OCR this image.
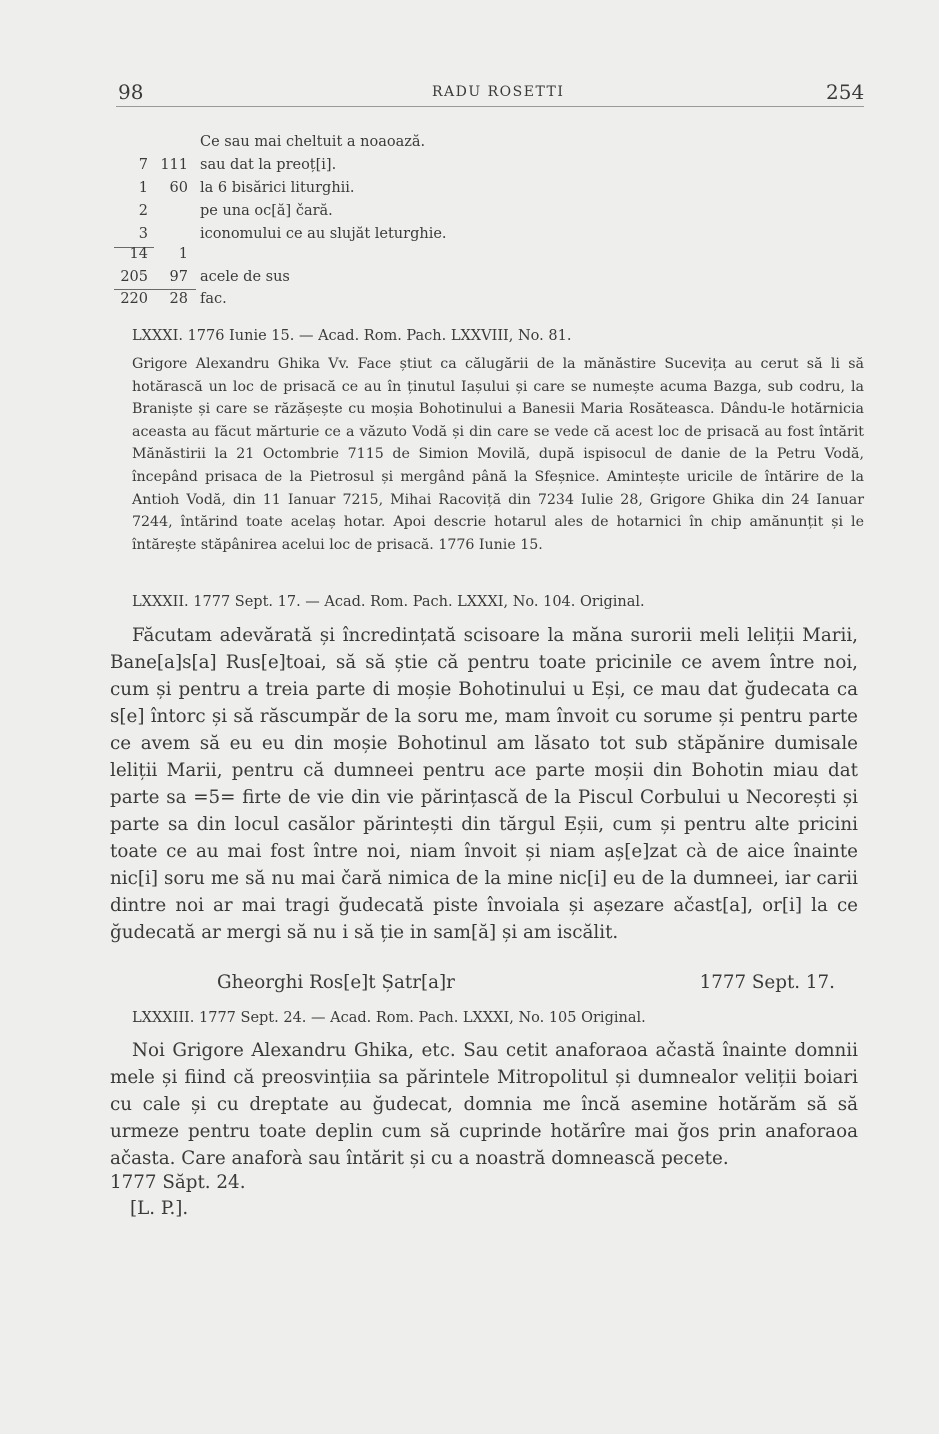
98	RADU ROSETTI	254
Ce sau mai cheltuit a noaoază.
7 111 sau dat la preoț[i].
1	60 la 6 bisărici liturghii.
2	pe una oc[ă] čară.
3	iconomului ce au slujăt leturghie.
14	1
205	97 acele de sus
220	28 fac.
LXXXI. 1776 Iunie 15. — Acad. Rom. Pach. LXXVIII, No. 81.
Grigore Alexandru Ghika Vv. Face știut ca călugării de la mănăstire Sucevița au cerut să li să hotărască un loc de prisacă ce au în ținutul Iașului și care se numește acuma Bazga, sub codru, la Braniște și care se răzășește cu moșia Bohotinului a Banesii Maria Rosăteasca. Dându-le hotărnicia aceasta au făcut mărturie ce a văzuto Vodă și din care se vede că acest loc de prisacă au fost întărit Mănăstirii la 21 Octombrie 7115 de Simion Movilă, după ispisocul de danie de la Petru Vodă, începând prisaca de la Pietrosul și mergând până la Sfeșnice. Amintește uricile de întărire de la Antioh Vodă, din 11 Ianuar 7215, Mihai Racoviță din 7234 Iulie 28, Grigore Ghika din 24 Ianuar 7244, întărind toate acelaș hotar. Apoi descrie hotarul ales de hotarnici în chip amănunțit și le întărește stăpânirea acelui loc de prisacă. 1776 Iunie 15.
LXXXII. 1777 Sept. 17. — Acad. Rom. Pach. LXXXI, No. 104. Original.
Făcutam adevărată și încredințată scisoare la măna surorii meli leliții Marii, Bane[a]s[a] Rus[e]toai, să să știe că pentru toate pricinile ce avem între noi, cum și pentru a treia parte di moșie Bohotinului u Eși, ce mau dat ğudecata ca s[e] întorc și să răscumpăr de la soru me, mam învoit cu sorume și pentru parte ce avem să eu eu din moșie Bohotinul am lăsato tot sub stăpănire dumisale leliții Marii, pentru că dumneei pentru ace parte moșii din Bohotin miau dat parte sa =5= firte de vie din vie părințască de la Piscul Corbului u Necorești și parte sa din locul casălor părintești din tărgul Eșii, cum și pentru alte pricini toate ce au mai fost între noi, niam învoit și niam aș[e]zat cà de aice înainte nic[i] soru me să nu mai čară nimica de la mine nic[i] eu de la dumneei, iar carii dintre noi ar mai tragi ğudecată piste învoiala și așezare ačast[a], or[i] la ce ğudecată ar mergi să nu i să ție in sam[ă] și am iscălit.
Gheorghi Ros[e]t Șatr[a]r	1777 Sept. 17.
LXXXIII. 1777 Sept. 24. — Acad. Rom. Pach. LXXXI, No. 105 Original.
Noi Grigore Alexandru Ghika, etc. Sau cetit anaforaoa ačastă înainte domnii mele și fiind că preosvințiia sa părintele Mitropolitul și dumnealor veliții boiari cu cale și cu dreptate au ğudecat, domnia me încă asemine hotărăm să să urmeze pentru toate deplin cum să cuprinde hotărîre mai ğos prin anaforaoa ačasta. Care anaforà sau întărit și cu a noastră domnească pecete.
1777 Săpt. 24.
[L. P.].
